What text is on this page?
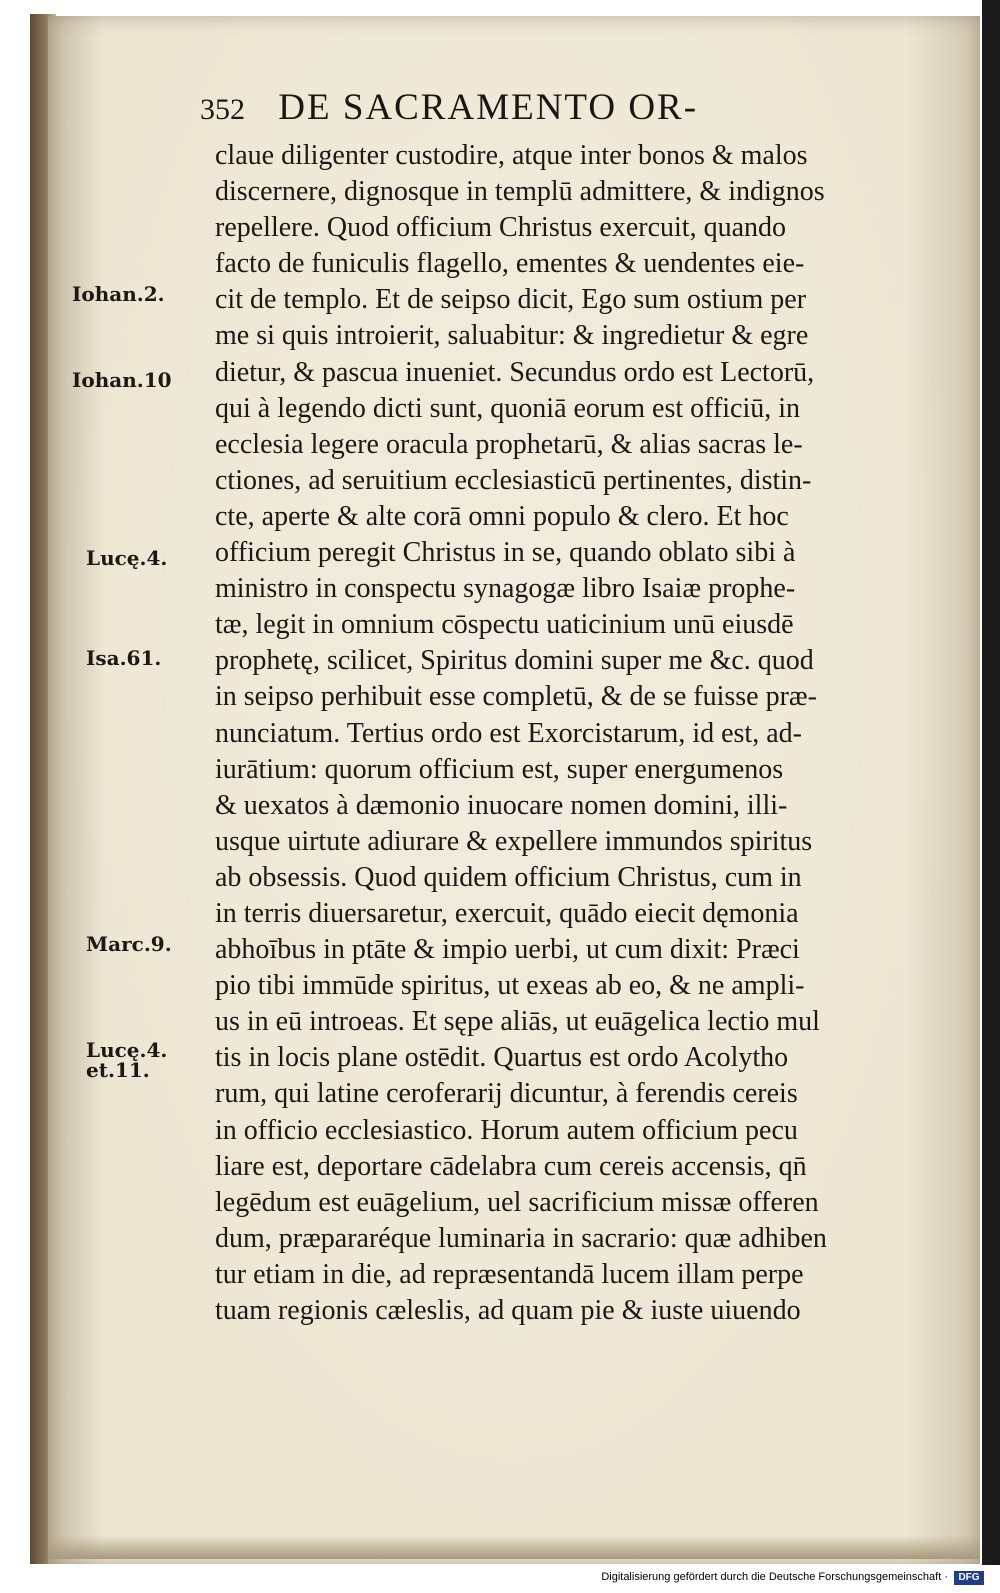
352 DE SACRAMENTO OR-
claue diligenter custodire, atque inter bonos & malos
discernere, dignosque in templū admittere, & indignos
repellere. Quod officium Christus exercuit, quando
facto de funiculis flagello, ementes & uendentes eie-
cit de templo. Et de seipso dicit, Ego sum ostium per
me si quis introierit, saluabitur: & ingredietur & egre
dietur, & pascua inueniet. Secundus ordo est Lectorū,
qui à legendo dicti sunt, quoniā eorum est officiū, in
ecclesia legere oracula prophetarū, & alias sacras le-
ctiones, ad seruitium ecclesiasticū pertinentes, distin-
cte, aperte & alte corā omni populo & clero. Et hoc
officium peregit Christus in se, quando oblato sibi à
ministro in conspectu synagogæ libro Isaiæ prophe-
tæ, legit in omnium cōspectu uaticinium unū eiusdē
prophetę, scilicet, Spiritus domini super me &c. quod
in seipso perhibuit esse completū, & de se fuisse præ-
nunciatum. Tertius ordo est Exorcistarum, id est, ad-
iurātium: quorum officium est, super energumenos
& uexatos à dæmonio inuocare nomen domini, illi-
usque uirtute adiurare & expellere immundos spiritus
ab obsessis. Quod quidem officium Christus, cum in
in terris diuersaretur, exercuit, quādo eiecit dęmonia
abhoībus in ptāte & impio uerbi, ut cum dixit: Præci
pio tibi immūde spiritus, ut exeas ab eo, & ne ampli-
us in eū introeas. Et sępe aliās, ut euāgelica lectio mul
tis in locis plane ostēdit. Quartus est ordo Acolytho
rum, qui latine ceroferarij dicuntur, à ferendis cereis
in officio ecclesiastico. Horum autem officium pecu
liare est, deportare cādelabra cum cereis accensis, qn̄
legēdum est euāgelium, uel sacrificium missæ offeren
dum, præpararéque luminaria in sacrario: quæ adhiben
tur etiam in die, ad repræsentandā lucem illam perpe
tuam regionis cæleslis, ad quam pie & iuste uiuendo
Iohan.2.
Iohan.10
Lucę.4.
Isa.61.
Marc.9.
Lucę.4.
et.11.
Digitalisierung gefördert durch die Deutsche Forschungsgemeinschaft ·	DFG
